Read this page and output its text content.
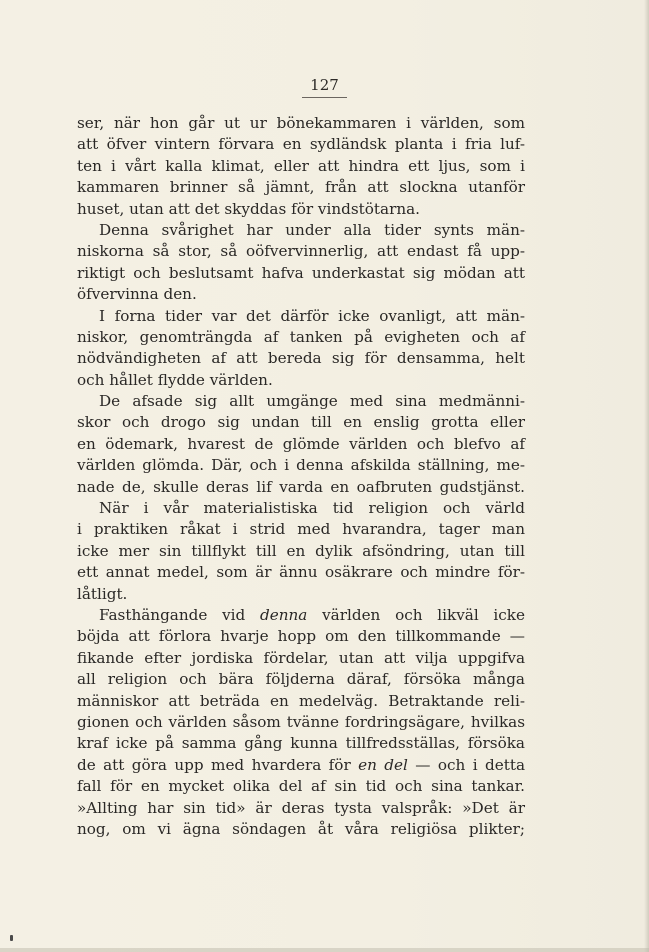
127
ser, när hon går ut ur bönekammaren i världen, som
att öfver vintern förvara en sydländsk planta i fria luf-
ten i vårt kalla klimat, eller att hindra ett ljus, som i
kammaren brinner så jämnt, från att slockna utanför
huset, utan att det skyddas för vindstötarna.
Denna svårighet har under alla tider synts män-
niskorna så stor, så oöfvervinnerlig, att endast få upp-
riktigt och beslutsamt hafva underkastat sig mödan att
öfvervinna den.
I forna tider var det därför icke ovanligt, att män-
niskor, genomträngda af tanken på evigheten och af
nödvändigheten af att bereda sig för densamma, helt
och hållet flydde världen.
De afsade sig allt umgänge med sina medmänni-
skor och drogo sig undan till en enslig grotta eller
en ödemark, hvarest de glömde världen och blefvo af
världen glömda. Där, och i denna afskilda ställning, me-
nade de, skulle deras lif varda en oafbruten gudstjänst.
När i vår materialistiska tid religion och värld
i praktiken råkat i strid med hvarandra, tager man
icke mer sin tillflykt till en dylik afsöndring, utan till
ett annat medel, som är ännu osäkrare och mindre för-
låtligt.
Fasthängande vid denna världen och likväl icke
böjda att förlora hvarje hopp om den tillkommande —
fikande efter jordiska fördelar, utan att vilja uppgifva
all religion och bära följderna däraf, försöka många
människor att beträda en medelväg. Betraktande reli-
gionen och världen såsom tvänne fordringsägare, hvilkas
kraf icke på samma gång kunna tillfredsställas, försöka
de att göra upp med hvardera för en del — och i detta
fall för en mycket olika del af sin tid och sina tankar.
»Allting har sin tid» är deras tysta valspråk: »Det är
nog, om vi ägna söndagen åt våra religiösa plikter;
